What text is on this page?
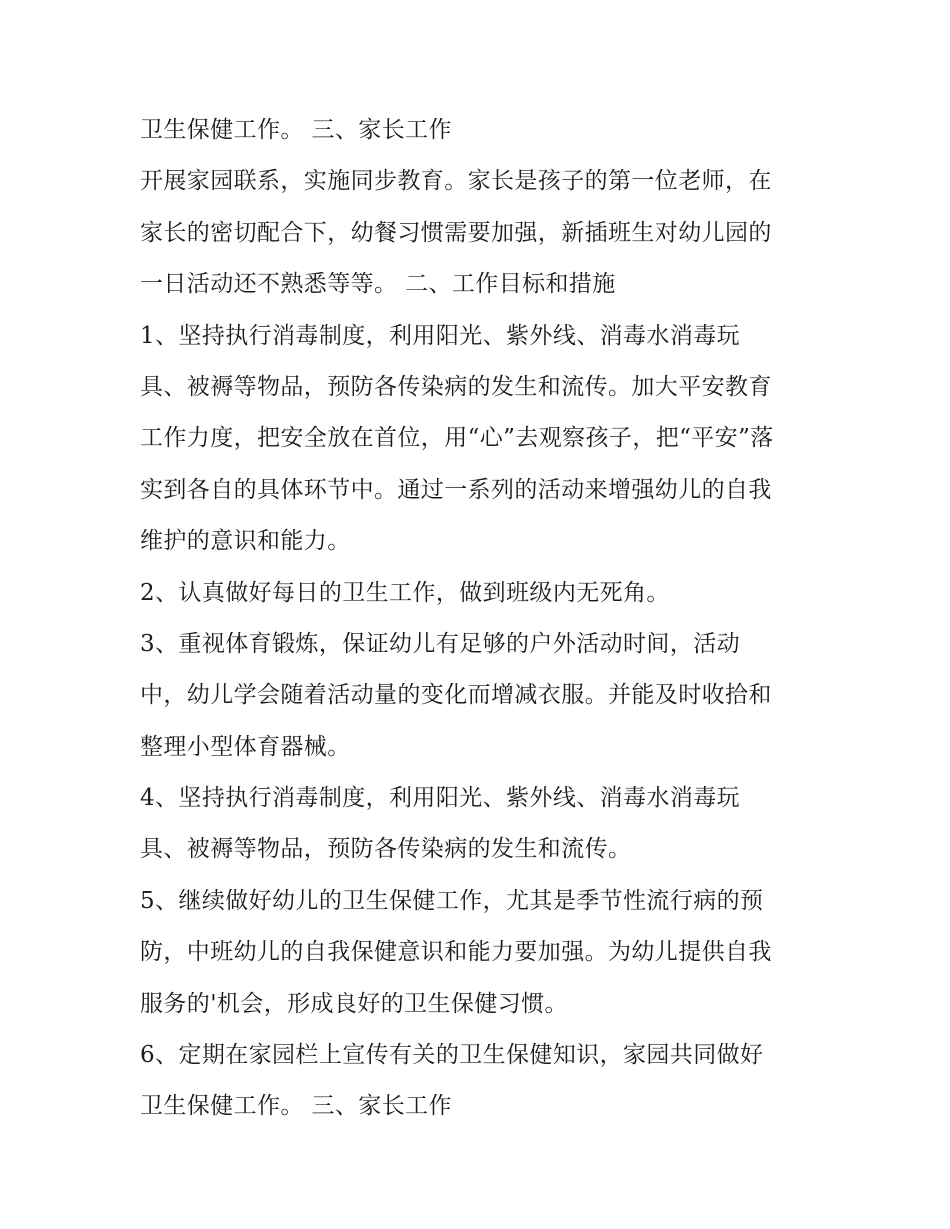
卫生保健工作。 三、家长工作
开展家园联系，实施同步教育。家长是孩子的第一位老师，在
家长的密切配合下，幼餐习惯需要加强，新插班生对幼儿园的
一日活动还不熟悉等等。 二、工作目标和措施
1、坚持执行消毒制度，利用阳光、紫外线、消毒水消毒玩
具、被褥等物品，预防各传染病的发生和流传。加大平安教育
工作力度，把安全放在首位，用“心”去观察孩子，把“平安”落
实到各自的具体环节中。通过一系列的活动来增强幼儿的自我
维护的意识和能力。
2、认真做好每日的卫生工作，做到班级内无死角。
3、重视体育锻炼，保证幼儿有足够的户外活动时间，活动
中，幼儿学会随着活动量的变化而增减衣服。并能及时收拾和
整理小型体育器械。
4、坚持执行消毒制度，利用阳光、紫外线、消毒水消毒玩
具、被褥等物品，预防各传染病的发生和流传。
5、继续做好幼儿的卫生保健工作，尤其是季节性流行病的预
防，中班幼儿的自我保健意识和能力要加强。为幼儿提供自我
服务的'机会，形成良好的卫生保健习惯。
6、定期在家园栏上宣传有关的卫生保健知识，家园共同做好
卫生保健工作。 三、家长工作
